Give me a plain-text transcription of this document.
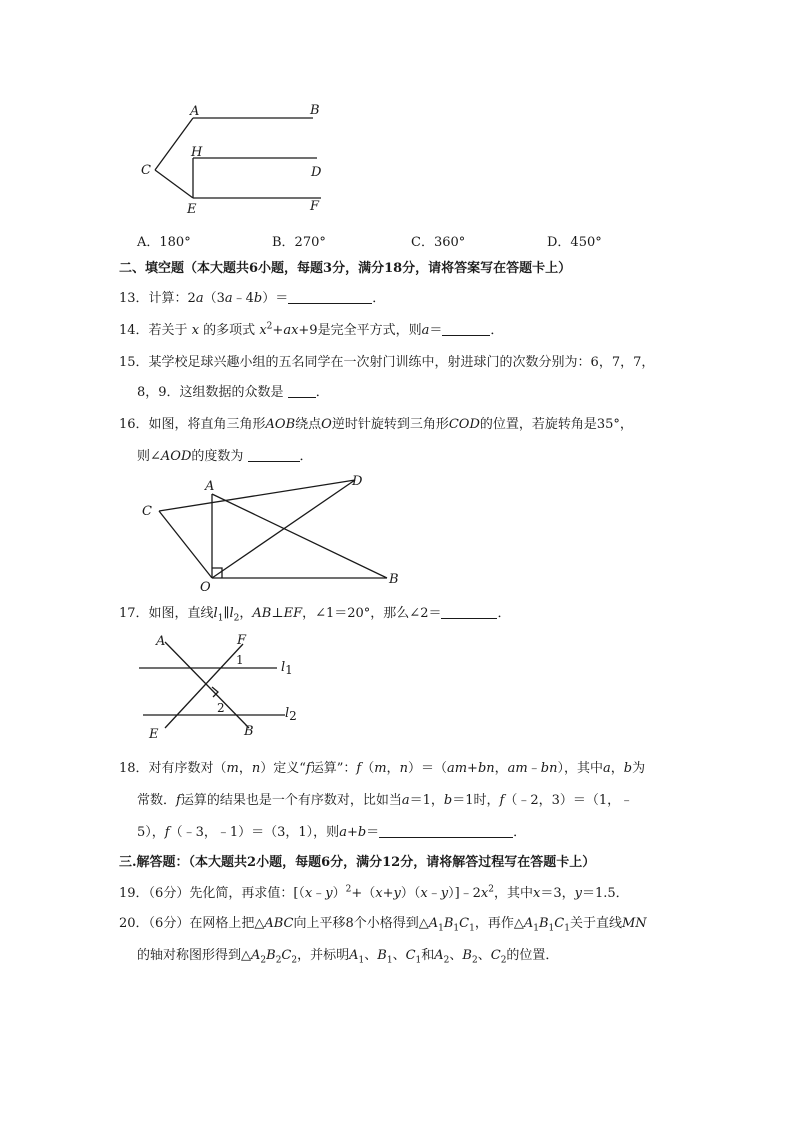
A	B
C
H
D
E	F
A．180°	B．270°	C．360°	D．450°
二、填空题（本大题共6小题，每题3分，满分18分，请将答案写在答题卡上）
13．计算：2a（3a﹣4b）＝	．
14．若关于 x 的多项式 $x^2+ax+9$是完全平方式，则a＝	．
15．某学校足球兴趣小组的五名同学在一次射门训练中，射进球门的次数分别为：6，7，7，
8，9．这组数据的众数是 ．
16．如图，将直角三角形AOB绕点O逆时针旋转到三角形COD的位置，若旋转角是35°，
则∠AOD的度数为	．
A
B
C
D
O
17．如图，直线$l_1\parallel l_2$，AB⊥EF，∠1＝20°，那么∠2＝	．
A	F
E	B
1
2
l1
l2
18．对有序数对（m，n）定义“f运算”：f（m，n）＝（am+bn，am﹣bn），其中a，b为
常数．f运算的结果也是一个有序数对，比如当a＝1，b＝1时，f（﹣2，3）＝（1，﹣
5），f（﹣3，﹣1）＝（3，1），则a+b＝	．
三.解答题：（本大题共2小题，每题6分，满分12分，请将解答过程写在答题卡上）
19．（6分）先化简，再求值：$[(x﹣y)^2+(x+y)(x﹣y)]﹣2x^2$，其中x＝3，y＝1.5．
20．（6分）在网格上把△ABC向上平移8个小格得到$\triangle A_1B_1C_1$，再作$\triangle A_1B_1C_1$关于直线MN
的轴对称图形得到$\triangle A_2B_2C_2$，并标明$A_1$、$B_1$、$C_1$和$A_2$、$B_2$、$C_2$的位置．
